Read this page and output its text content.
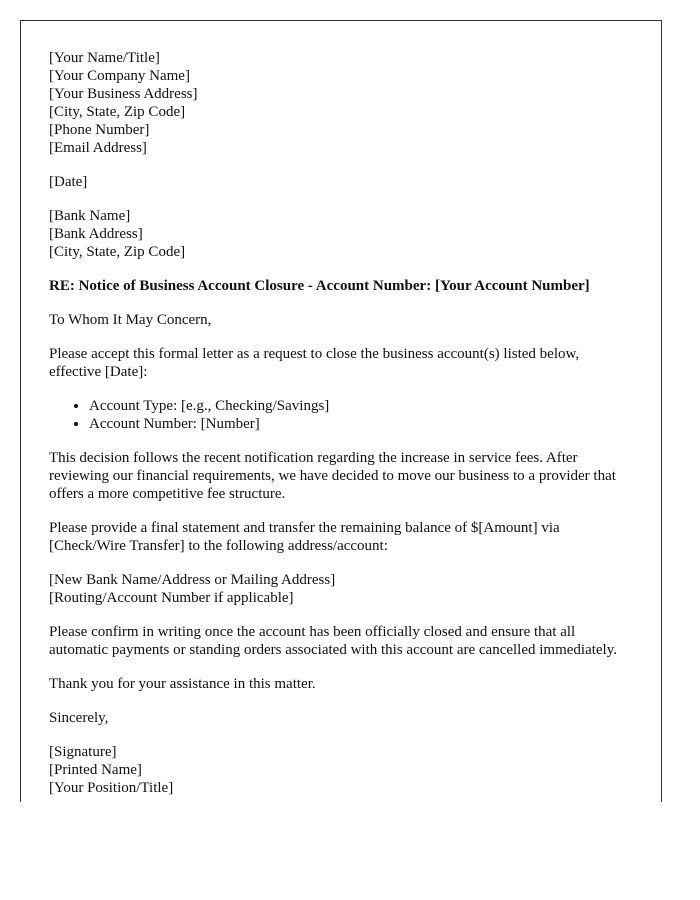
[Your Name/Title]
[Your Company Name]
[Your Business Address]
[City, State, Zip Code]
[Phone Number]
[Email Address]

[Date]

[Bank Name]
[Bank Address]
[City, State, Zip Code]

RE: Notice of Business Account Closure - Account Number: [Your Account Number]

To Whom It May Concern,

Please accept this formal letter as a request to close the business account(s) listed below, effective [Date]:

• Account Type: [e.g., Checking/Savings]
• Account Number: [Number]

This decision follows the recent notification regarding the increase in service fees. After reviewing our financial requirements, we have decided to move our business to a provider that offers a more competitive fee structure.

Please provide a final statement and transfer the remaining balance of $[Amount] via [Check/Wire Transfer] to the following address/account:

[New Bank Name/Address or Mailing Address]
[Routing/Account Number if applicable]

Please confirm in writing once the account has been officially closed and ensure that all automatic payments or standing orders associated with this account are cancelled immediately.

Thank you for your assistance in this matter.

Sincerely,

[Signature]
[Printed Name]
[Your Position/Title]
